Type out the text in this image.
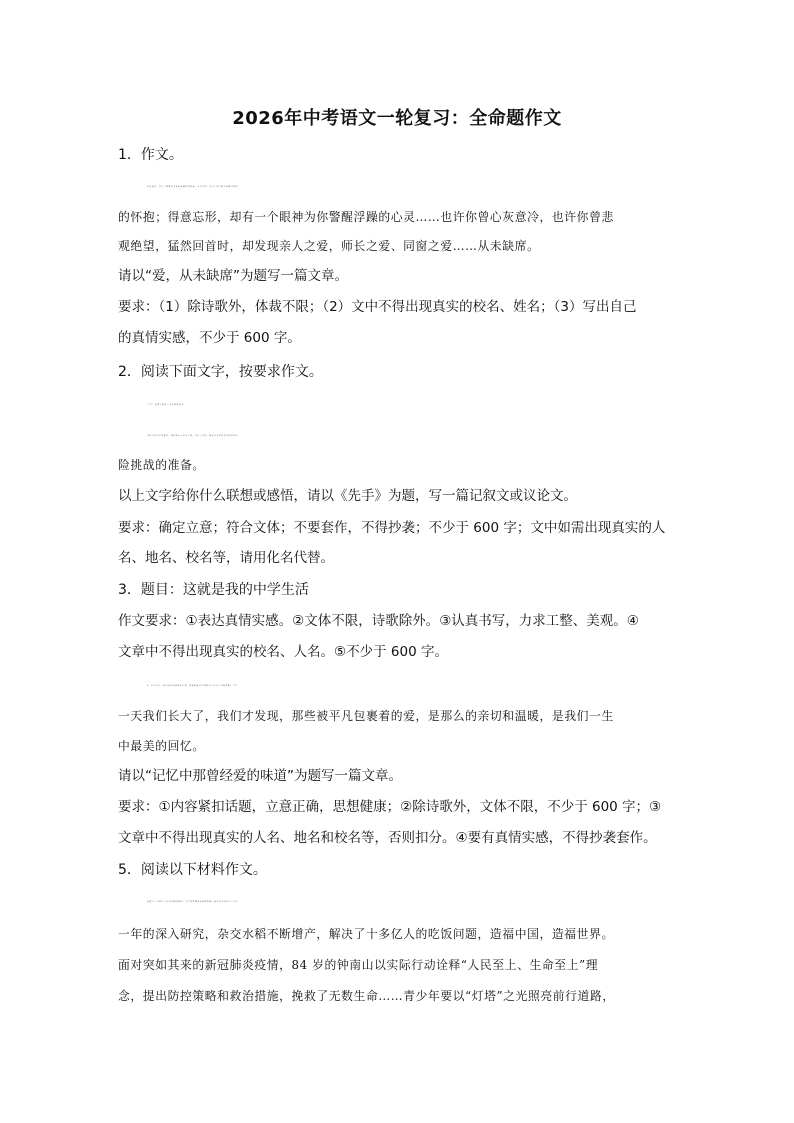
2026年中考语文一轮复习：全命题作文
1．作文。
风雨夜归，竟有一盏廊灯为你留着橘红的暖意；心若寒冬，仍有一双手臂为你敞开温暖
的怀抱；得意忘形，却有一个眼神为你警醒浮躁的心灵……也许你曾心灰意冷，也许你曾悲
观绝望，猛然回首时，却发现亲人之爱，师长之爱、同窗之爱……从未缺席。
请以“爱，从未缺席”为题写一篇文章。
要求：（1）除诗歌外，体裁不限；（2）文中不得出现真实的校名、姓名；（3）写出自己
的真情实感，不少于 600 字。
2．阅读下面文字，按要求作文。
“先手”是指下棋时主动有利的局势。
习近平总书记曾指出，我们必须下好先手棋，打好主动仗，做好应对任何形式的矛盾风
险挑战的准备。
以上文字给你什么联想或感悟，请以《先手》为题，写一篇记叙文或议论文。
要求：确定立意；符合文体；不要套作，不得抄袭；不少于 600 字；文中如需出现真实的人
名、地名、校名等，请用化名代替。
3．题目：这就是我的中学生活
作文要求：①表达真情实感。②文体不限，诗歌除外。③认真书写，力求工整、美观。④
文章中不得出现真实的校名、人名。⑤不少于 600 字。
4．在生活中，我们沐浴着爱却不自知，很多的爱往往被我们一次又一次地忽略，当有
一天我们长大了，我们才发现，那些被平凡包裹着的爱，是那么的亲切和温暖，是我们一生
中最美的回忆。
请以“记忆中那曾经爱的味道”为题写一篇文章。
要求：①内容紧扣话题，立意正确，思想健康；②除诗歌外，文体不限，不少于 600 字；③
文章中不得出现真实的人名、地名和校名等，否则扣分。④要有真情实感，不得抄袭套作。
5．阅读以下材料作文。
袁隆平一生致力于杂交水稻的研究，毕生的梦想就是消除饥饿。他带着团队经过一年又
一年的深入研究，杂交水稻不断增产，解决了十多亿人的吃饭问题，造福中国，造福世界。
面对突如其来的新冠肺炎疫情，84 岁的钟南山以实际行动诠释“人民至上、生命至上”理
念，提出防控策略和救治措施，挽救了无数生命……青少年要以“灯塔”之光照亮前行道路，
